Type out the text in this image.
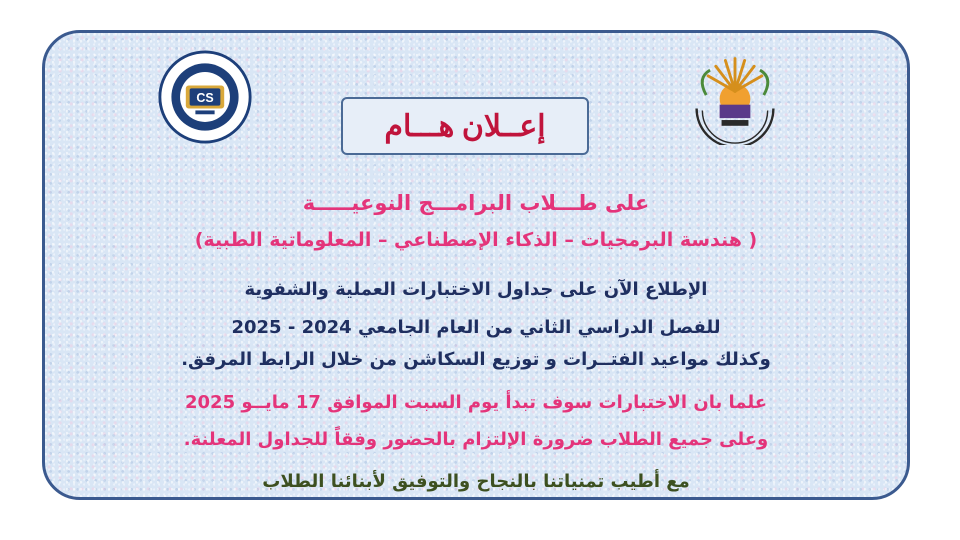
CS
إعــلان هـــام
على طـــلاب البرامـــج النوعيـــــة
( هندسة البرمجيات – الذكاء الإصطناعي – المعلوماتية الطبية)
الإطلاع الآن على جداول الاختبارات العملية والشفوية
للفصل الدراسي الثاني من العام الجامعي 2024 - 2025
وكذلك مواعيد الفتــرات و توزيع السكاشن من خلال الرابط المرفق.
علما بان الاختبارات سوف تبدأ يوم السبت الموافق 17 مايــو 2025
وعلى جميع الطلاب ضرورة الإلتزام بالحضور وفقاً للجداول المعلنة.
مع أطيب تمنياتنا بالنجاح والتوفيق لأبنائنا الطلاب
